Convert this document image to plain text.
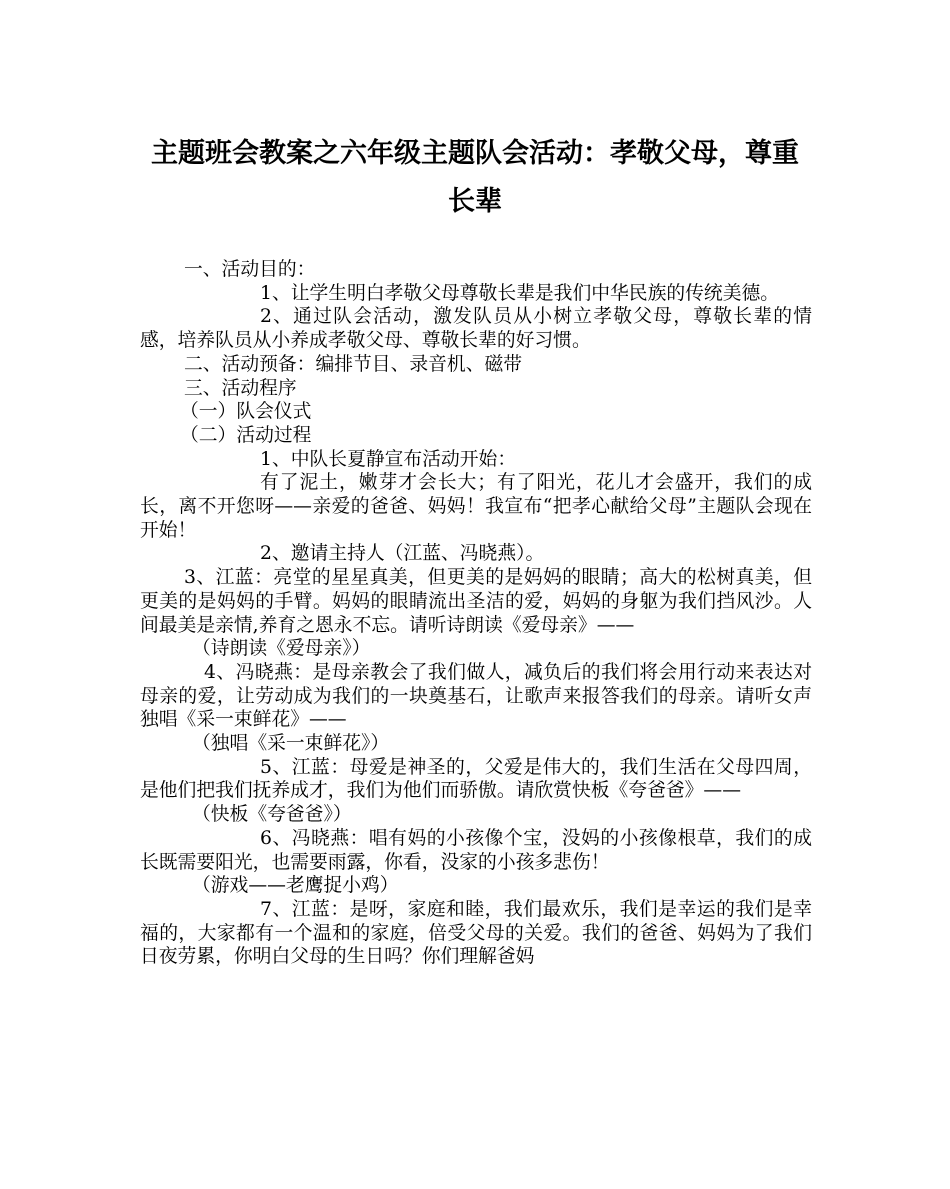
主题班会教案之六年级主题队会活动：孝敬父母，尊重长辈

一、活动目的：

1、让学生明白孝敬父母尊敬长辈是我们中华民族的传统美德。

2、通过队会活动，激发队员从小树立孝敬父母，尊敬长辈的情感，培养队员从小养成孝敬父母、尊敬长辈的好习惯。

二、活动预备：编排节目、录音机、磁带

三、活动程序

（一）队会仪式

（二）活动过程

1、中队长夏静宣布活动开始：

有了泥土，嫩芽才会长大；有了阳光，花儿才会盛开，我们的成长，离不开您呀——亲爱的爸爸、妈妈！我宣布“把孝心献给父母”主题队会现在开始！

2、邀请主持人（江蓝、冯晓燕）。

3、江蓝：亮堂的星星真美，但更美的是妈妈的眼睛；高大的松树真美，但更美的是妈妈的手臂。妈妈的眼睛流出圣洁的爱，妈妈的身躯为我们挡风沙。人间最美是亲情,养育之恩永不忘。请听诗朗读《爱母亲》——

（诗朗读《爱母亲》）

4、冯晓燕：是母亲教会了我们做人，减负后的我们将会用行动来表达对母亲的爱，让劳动成为我们的一块奠基石，让歌声来报答我们的母亲。请听女声独唱《采一束鲜花》——

（独唱《采一束鲜花》）

5、江蓝：母爱是神圣的，父爱是伟大的，我们生活在父母四周，是他们把我们抚养成才，我们为他们而骄傲。请欣赏快板《夸爸爸》——

（快板《夸爸爸》）

6、冯晓燕：唱有妈的小孩像个宝，没妈的小孩像根草，我们的成长既需要阳光，也需要雨露，你看，没家的小孩多悲伤！

（游戏——老鹰捉小鸡）

7、江蓝：是呀，家庭和睦，我们最欢乐，我们是幸运的我们是幸福的，大家都有一个温和的家庭，倍受父母的关爱。我们的爸爸、妈妈为了我们日夜劳累，你明白父母的生日吗？你们理解爸妈
